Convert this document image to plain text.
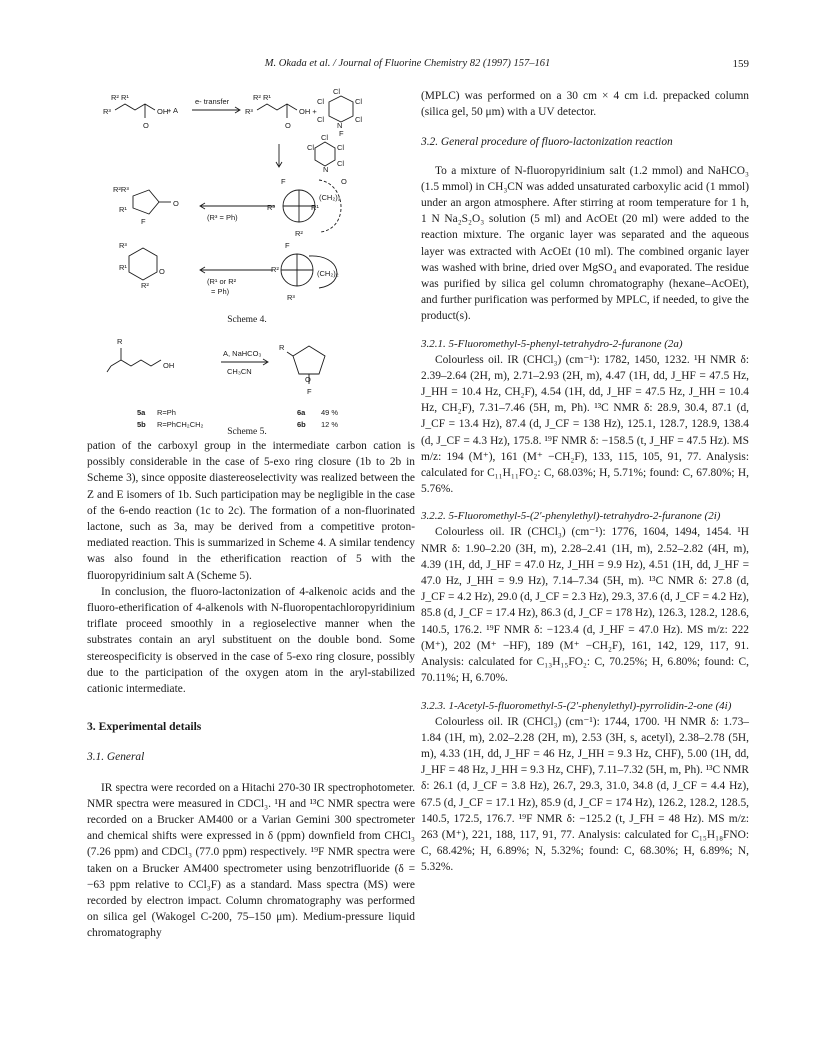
M. Okada et al. / Journal of Fluorine Chemistry 82 (1997) 157–161	159
R² R¹
R³	OH
O
+ A
e- transfer	R² R¹
R³	OH +
O
Cl
Cl	Cl
Cl
N
F
Cl
Cl
Cl	Cl
N
Cl
F
R³
R²
R¹
(CH₂)₂
O
R²R³
R¹
F
O
(R³ = Ph)
F
R²
R³
(CH₂)₂
R³
R¹
R²
O
(R¹ or R²
= Ph)
Scheme 4.
R
OH
A, NaHCO₃
CH₃CN
R
O
F
5a R=Ph	6a 49 %
5b R=PhCH₂CH₂	6b 12 %
Scheme 5.

pation of the carboxyl group in the intermediate carbon cation is possibly considerable in the case of 5-exo ring closure (1b to 2b in Scheme 3), since opposite diastereoselectivity was realized between the Z and E isomers of 1b. Such participation may be negligible in the case of the 6-endo reaction (1c to 2c). The formation of a non-fluorinated lactone, such as 3a, may be derived from a competitive proton-mediated reaction. This is summarized in Scheme 4. A similar tendency was also found in the etherification reaction of 5 with the fluoropyridinium salt A (Scheme 5).

In conclusion, the fluoro-lactonization of 4-alkenoic acids and the fluoro-etherification of 4-alkenols with N-fluoropentachloropyridinium triflate proceed smoothly in a regioselective manner when the substrates contain an aryl substituent on the double bond. Some stereospecificity is observed in the case of 5-exo ring closure, possibly due to the participation of the oxygen atom in the aryl-stabilized cationic intermediate.

3. Experimental details

3.1. General

IR spectra were recorded on a Hitachi 270-30 IR spectrophotometer. NMR spectra were measured in CDCl₃. ¹H and ¹³C NMR spectra were recorded on a Brucker AM400 or a Varian Gemini 300 spectrometer and chemical shifts were expressed in δ (ppm) downfield from CHCl₃ (7.26 ppm) and CDCl₃ (77.0 ppm) respectively. ¹⁹F NMR spectra were taken on a Brucker AM400 spectrometer using benzotrifluoride (δ = −63 ppm relative to CCl₃F) as a standard. Mass spectra (MS) were recorded by electron impact. Column chromatography was performed on silica gel (Wakogel C-200, 75–150 μm). Medium-pressure liquid chromatography

(MPLC) was performed on a 30 cm × 4 cm i.d. prepacked column (silica gel, 50 μm) with a UV detector.

3.2. General procedure of fluoro-lactonization reaction

To a mixture of N-fluoropyridinium salt (1.2 mmol) and NaHCO₃ (1.5 mmol) in CH₃CN was added unsaturated carboxylic acid (1 mmol) under an argon atmosphere. After stirring at room temperature for 1 h, 1 N Na₂S₂O₃ solution (5 ml) and AcOEt (20 ml) were added to the reaction mixture. The organic layer was separated and the aqueous layer was extracted with AcOEt (10 ml). The combined organic layer was washed with brine, dried over MgSO₄ and evaporated. The residue was purified by silica gel column chromatography (hexane–AcOEt), and further purification was performed by MPLC, if needed, to give the product(s).

3.2.1. 5-Fluoromethyl-5-phenyl-tetrahydro-2-furanone (2a)

Colourless oil. IR (CHCl₃) (cm⁻¹): 1782, 1450, 1232. ¹H NMR δ: 2.39–2.64 (2H, m), 2.71–2.93 (2H, m), 4.47 (1H, dd, J_HF = 47.5 Hz, J_HH = 10.4 Hz, CH₂F), 4.54 (1H, dd, J_HF = 47.5 Hz, J_HH = 10.4 Hz, CH₂F), 7.31–7.46 (5H, m, Ph). ¹³C NMR δ: 28.9, 30.4, 87.1 (d, J_CF = 13.4 Hz), 87.4 (d, J_CF = 138 Hz), 125.1, 128.7, 128.9, 138.4 (d, J_CF = 4.3 Hz), 175.8. ¹⁹F NMR δ: −158.5 (t, J_HF = 47.5 Hz). MS m/z: 194 (M⁺), 161 (M⁺ −CH₂F), 133, 115, 105, 91, 77. Analysis: calculated for C₁₁H₁₁FO₂: C, 68.03%; H, 5.71%; found: C, 67.80%; H, 5.76%.

3.2.2. 5-Fluoromethyl-5-(2′-phenylethyl)-tetrahydro-2-furanone (2i)

Colourless oil. IR (CHCl₃) (cm⁻¹): 1776, 1604, 1494, 1454. ¹H NMR δ: 1.90–2.20 (3H, m), 2.28–2.41 (1H, m), 2.52–2.82 (4H, m), 4.39 (1H, dd, J_HF = 47.0 Hz, J_HH = 9.9 Hz), 4.51 (1H, dd, J_HF = 47.0 Hz, J_HH = 9.9 Hz), 7.14–7.34 (5H, m). ¹³C NMR δ: 27.8 (d, J_CF = 4.2 Hz), 29.0 (d, J_CF = 2.3 Hz), 29.3, 37.6 (d, J_CF = 4.2 Hz), 85.8 (d, J_CF = 17.4 Hz), 86.3 (d, J_CF = 178 Hz), 126.3, 128.2, 128.6, 140.5, 176.2. ¹⁹F NMR δ: −123.4 (d, J_HF = 47.0 Hz). MS m/z: 222 (M⁺), 202 (M⁺ −HF), 189 (M⁺ −CH₂F), 161, 142, 129, 117, 91. Analysis: calculated for C₁₃H₁₅FO₂: C, 70.25%; H, 6.80%; found: C, 70.11%; H, 6.70%.

3.2.3. 1-Acetyl-5-fluoromethyl-5-(2′-phenylethyl)-pyrrolidin-2-one (4i)

Colourless oil. IR (CHCl₃) (cm⁻¹): 1744, 1700. ¹H NMR δ: 1.73–1.84 (1H, m), 2.02–2.28 (2H, m), 2.53 (3H, s, acetyl), 2.38–2.78 (5H, m), 4.33 (1H, dd, J_HF = 46 Hz, J_HH = 9.3 Hz, CHF), 5.00 (1H, dd, J_HF = 48 Hz, J_HH = 9.3 Hz, CHF), 7.11–7.32 (5H, m, Ph). ¹³C NMR δ: 26.1 (d, J_CF = 3.8 Hz), 26.7, 29.3, 31.0, 34.8 (d, J_CF = 4.4 Hz), 67.5 (d, J_CF = 17.1 Hz), 85.9 (d, J_CF = 174 Hz), 126.2, 128.2, 128.5, 140.5, 172.5, 176.7. ¹⁹F NMR δ: −125.2 (t, J_FH = 48 Hz). MS m/z: 263 (M⁺), 221, 188, 117, 91, 77. Analysis: calculated for C₁₅H₁₈FNO: C, 68.42%; H, 6.89%; N, 5.32%; found: C, 68.30%; H, 6.89%; N, 5.32%.
